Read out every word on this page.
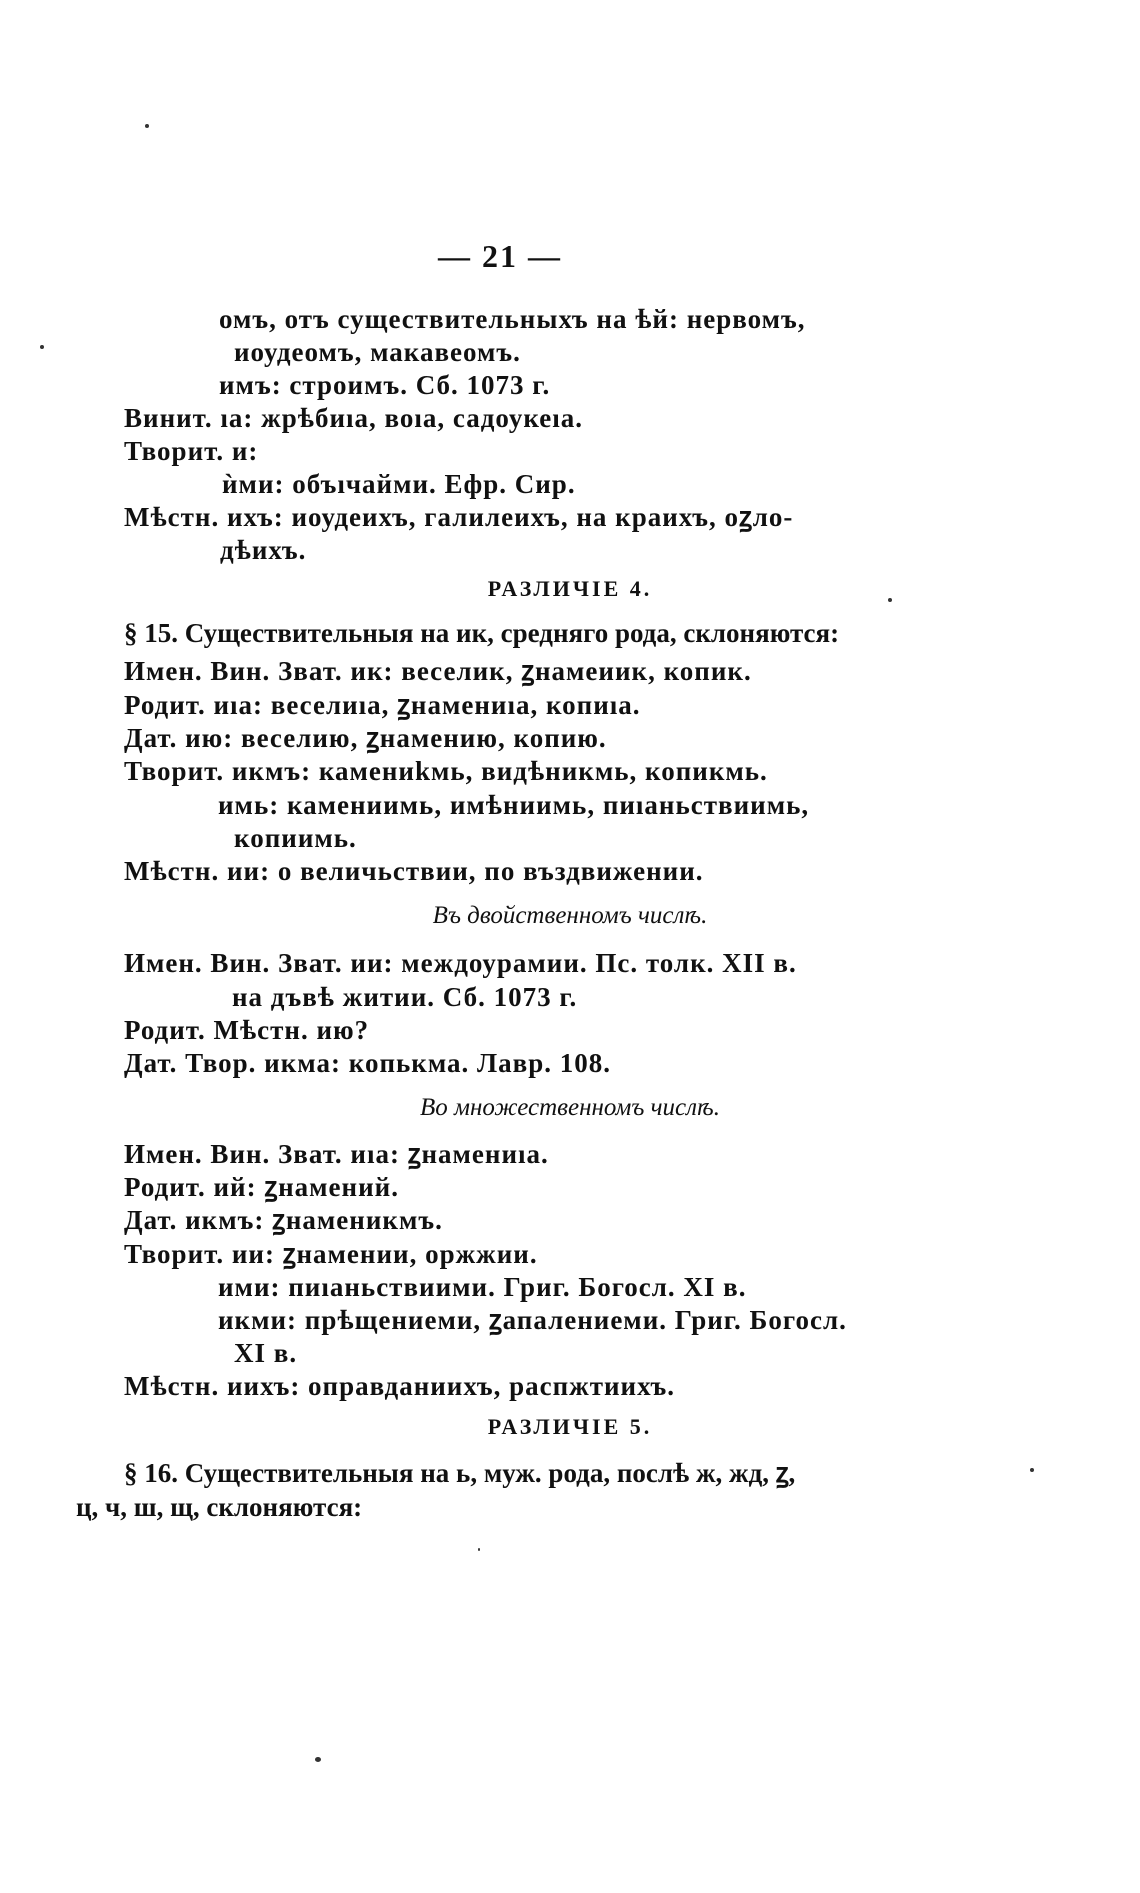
— 21 —
омъ, отъ существительныхъ на ѣй: нервомъ,
иоудеомъ, макавеомъ.
имъ: строимъ. Сб. 1073 г.
Винит. ıа: жрѣбиıа, воıа, садоукеıа.
Творит. и:
ѝми: объıчайми. Ефр. Сир.
Мѣстн. ихъ: иоудеихъ, галилеихъ, на краихъ, оꙁло-
дѣихъ.
РАЗЛИЧІЕ 4.
§ 15. Существительныя на ик, средняго рода, склоняются:
Имен. Вин. Зват. ик: веселик, ꙁнамеиик, копик.
Родит. иıа: веселиıа, ꙁнамениıа, копиıа.
Дат. ию: веселию, ꙁнамению, копию.
Творит. икмъ: камениkмь, видѣникмь, копикмь.
имь: камениимь, имѣниимь, пиıаньствиимь,
копиимь.
Мѣстн. ии: о величьствии, по въздвижении.
Въ двойственномъ числѣ.
Имен. Вин. Зват. ии: междоурамии. Пс. толк. XII в.
на дъвѣ житии. Сб. 1073 г.
Родит. Мѣстн. ию?
Дат. Твор. икма: копькма. Лавр. 108.
Во множественномъ числѣ.
Имен. Вин. Зват. иıа: ꙁнамениıа.
Родит. ий: ꙁнамений.
Дат. икмъ: ꙁнаменикмъ.
Творит. ии: ꙁнамении, оржжии.
ими: пиıаньствиими. Григ. Богосл. XI в.
икми: прѣщениеми, ꙁапалениеми. Григ. Богосл.
XI в.
Мѣстн. иихъ: оправданиихъ, распжтиихъ.
РАЗЛИЧІЕ 5.
§ 16. Существительныя на ь, муж. рода, послѣ ж, жд, ꙁ,
ц, ч, ш, щ, склоняются:
